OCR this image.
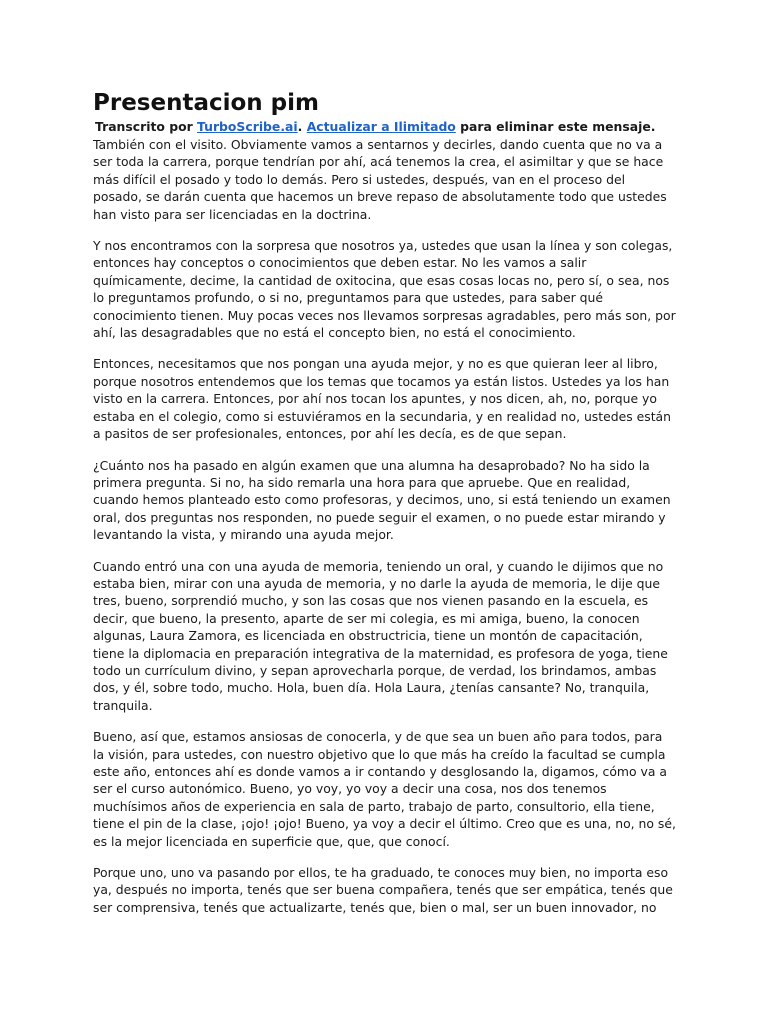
Presentacion pim

Transcrito por TurboScribe.ai. Actualizar a Ilimitado para eliminar este mensaje.

También con el visito. Obviamente vamos a sentarnos y decirles, dando cuenta que no va a ser toda la carrera, porque tendrían por ahí, acá tenemos la crea, el asimiltar y que se hace más difícil el posado y todo lo demás. Pero si ustedes, después, van en el proceso del posado, se darán cuenta que hacemos un breve repaso de absolutamente todo que ustedes han visto para ser licenciadas en la doctrina.

Y nos encontramos con la sorpresa que nosotros ya, ustedes que usan la línea y son colegas, entonces hay conceptos o conocimientos que deben estar. No les vamos a salir químicamente, decime, la cantidad de oxitocina, que esas cosas locas no, pero sí, o sea, nos lo preguntamos profundo, o si no, preguntamos para que ustedes, para saber qué conocimiento tienen. Muy pocas veces nos llevamos sorpresas agradables, pero más son, por ahí, las desagradables que no está el concepto bien, no está el conocimiento.

Entonces, necesitamos que nos pongan una ayuda mejor, y no es que quieran leer al libro, porque nosotros entendemos que los temas que tocamos ya están listos. Ustedes ya los han visto en la carrera. Entonces, por ahí nos tocan los apuntes, y nos dicen, ah, no, porque yo estaba en el colegio, como si estuviéramos en la secundaria, y en realidad no, ustedes están a pasitos de ser profesionales, entonces, por ahí les decía, es de que sepan.

¿Cuánto nos ha pasado en algún examen que una alumna ha desaprobado? No ha sido la primera pregunta. Si no, ha sido remarla una hora para que apruebe. Que en realidad, cuando hemos planteado esto como profesoras, y decimos, uno, si está teniendo un examen oral, dos preguntas nos responden, no puede seguir el examen, o no puede estar mirando y levantando la vista, y mirando una ayuda mejor.

Cuando entró una con una ayuda de memoria, teniendo un oral, y cuando le dijimos que no estaba bien, mirar con una ayuda de memoria, y no darle la ayuda de memoria, le dije que tres, bueno, sorprendió mucho, y son las cosas que nos vienen pasando en la escuela, es decir, que bueno, la presento, aparte de ser mi colegia, es mi amiga, bueno, la conocen algunas, Laura Zamora, es licenciada en obstructricia, tiene un montón de capacitación, tiene la diplomacia en preparación integrativa de la maternidad, es profesora de yoga, tiene todo un currículum divino, y sepan aprovecharla porque, de verdad, los brindamos, ambas dos, y él, sobre todo, mucho. Hola, buen día. Hola Laura, ¿tenías cansante? No, tranquila, tranquila.

Bueno, así que, estamos ansiosas de conocerla, y de que sea un buen año para todos, para la visión, para ustedes, con nuestro objetivo que lo que más ha creído la facultad se cumpla este año, entonces ahí es donde vamos a ir contando y desglosando la, digamos, cómo va a ser el curso autonómico. Bueno, yo voy, yo voy a decir una cosa, nos dos tenemos muchísimos años de experiencia en sala de parto, trabajo de parto, consultorio, ella tiene, tiene el pin de la clase, ¡ojo! ¡ojo! Bueno, ya voy a decir el último. Creo que es una, no, no sé, es la mejor licenciada en superficie que, que, que conocí.

Porque uno, uno va pasando por ellos, te ha graduado, te conoces muy bien, no importa eso ya, después no importa, tenés que ser buena compañera, tenés que ser empática, tenés que ser comprensiva, tenés que actualizarte, tenés que, bien o mal, ser un buen innovador, no
